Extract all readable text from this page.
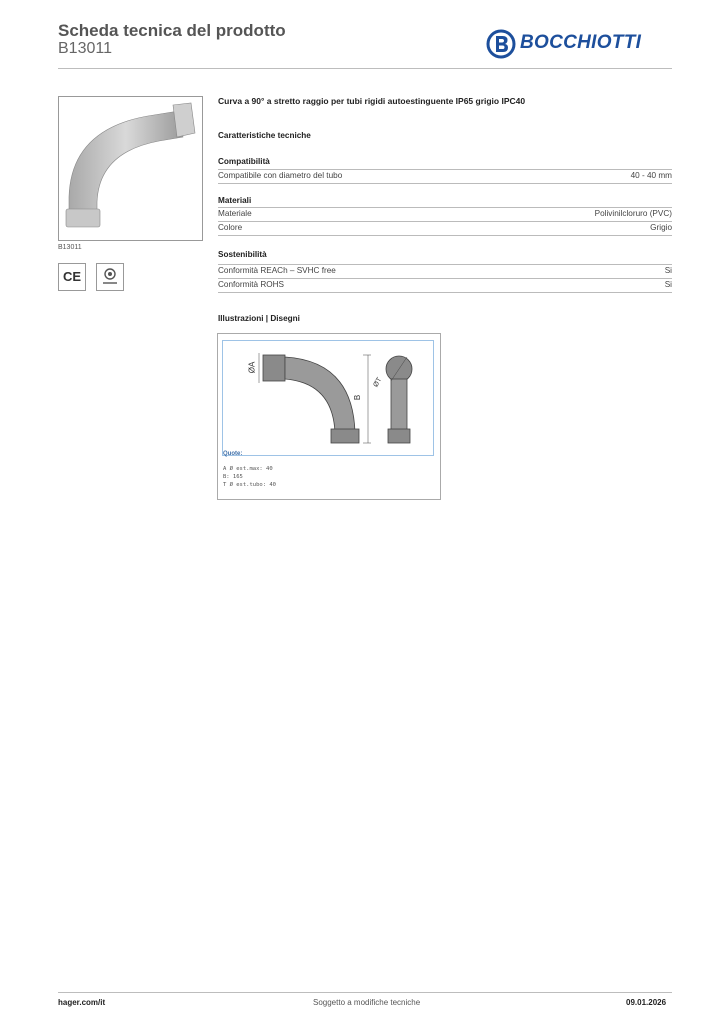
Scheda tecnica del prodotto
B13011	BOCCHIOTTI
B13011
CE
Curva a 90° a stretto raggio per tubi rigidi autoestinguente IP65 grigio IPC40
Caratteristiche tecniche
Compatibilità
Compatibile con diametro del tubo	40 - 40 mm
Materiali
Materiale	Polivinilcloruro (PVC)
Colore	Grigio
Sostenibilità
Conformità REACh – SVHC free	Si
Conformità ROHS	Si
Illustrazioni | Disegni
ØA
B
ØT
Quote:
A Ø est.max: 40
B: 165
T Ø est.tubo: 40
hager.com/it	Soggetto a modifiche tecniche	09.01.2026
